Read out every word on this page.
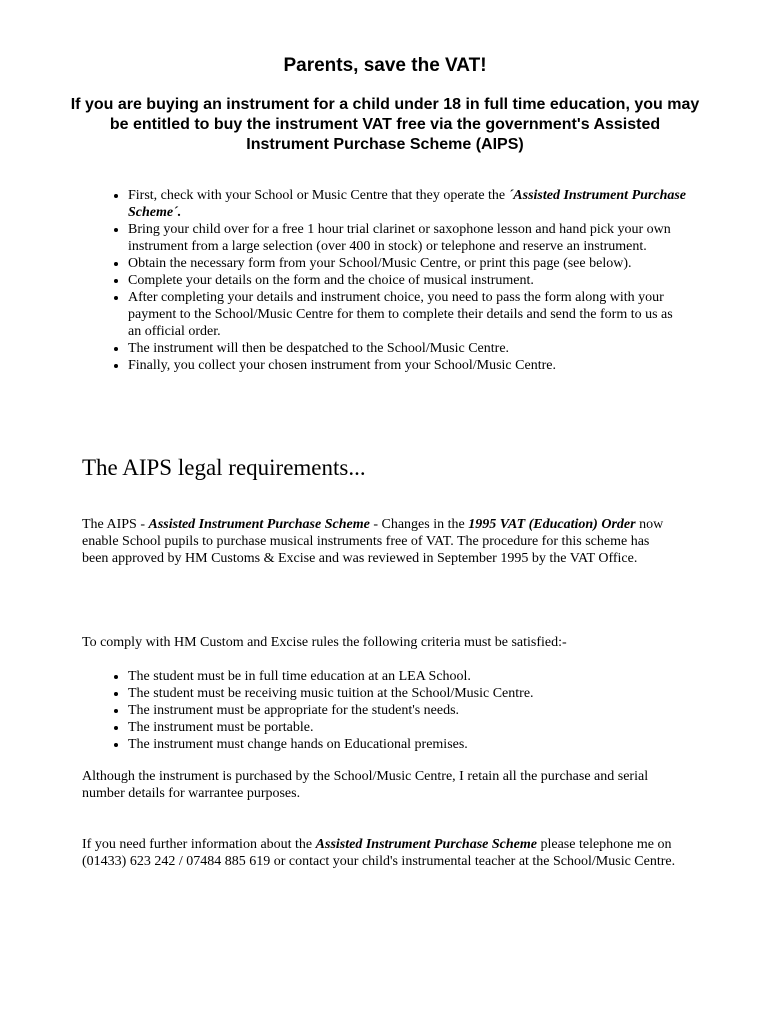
Parents, save the VAT!
If you are buying an instrument for a child under 18 in full time education, you may be entitled to buy the instrument VAT free via the government's Assisted Instrument Purchase Scheme (AIPS)
• First, check with your School or Music Centre that they operate the ´Assisted Instrument Purchase Scheme´.
• Bring your child over for a free 1 hour trial clarinet or saxophone lesson and hand pick your own instrument from a large selection (over 400 in stock) or telephone and reserve an instrument.
• Obtain the necessary form from your School/Music Centre, or print this page (see below).
• Complete your details on the form and the choice of musical instrument.
• After completing your details and instrument choice, you need to pass the form along with your payment to the School/Music Centre for them to complete their details and send the form to us as an official order.
• The instrument will then be despatched to the School/Music Centre.
• Finally, you collect your chosen instrument from your School/Music Centre.
The AIPS legal requirements...

The AIPS - Assisted Instrument Purchase Scheme - Changes in the 1995 VAT (Education) Order now enable School pupils to purchase musical instruments free of VAT. The procedure for this scheme has been approved by HM Customs & Excise and was reviewed in September 1995 by the VAT Office.

To comply with HM Custom and Excise rules the following criteria must be satisfied:-

• The student must be in full time education at an LEA School.
• The student must be receiving music tuition at the School/Music Centre.
• The instrument must be appropriate for the student's needs.
• The instrument must be portable.
• The instrument must change hands on Educational premises.

Although the instrument is purchased by the School/Music Centre, I retain all the purchase and serial number details for warrantee purposes.

If you need further information about the Assisted Instrument Purchase Scheme please telephone me on (01433) 623 242 / 07484 885 619 or contact your child's instrumental teacher at the School/Music Centre.
